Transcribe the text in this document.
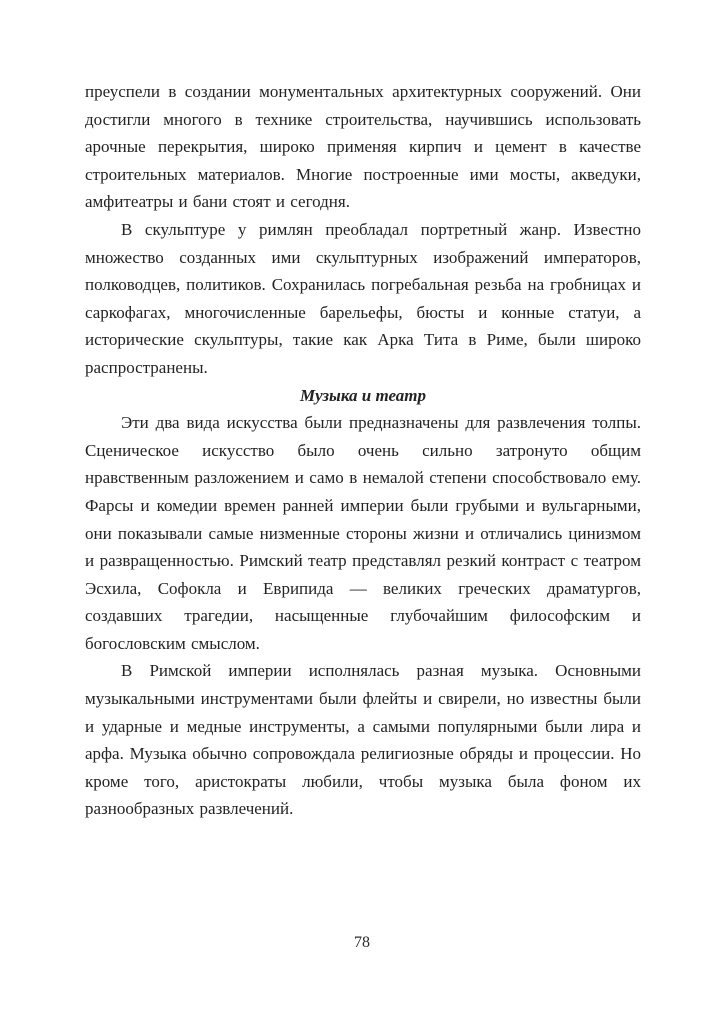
преуспели в создании монументальных архитектурных сооружений. Они достигли многого в технике строительства, научившись использовать арочные перекрытия, широко применяя кирпич и цемент в качестве строительных материалов. Многие построенные ими мосты, акведуки, амфитеатры и бани стоят и сегодня.

В скульптуре у римлян преобладал портретный жанр. Известно множество созданных ими скульптурных изображений императоров, полководцев, политиков. Сохранилась погребальная резьба на гробницах и саркофагах, многочисленные барельефы, бюсты и конные статуи, а исторические скульптуры, такие как Арка Тита в Риме, были широко распространены.

Музыка и театр

Эти два вида искусства были предназначены для развлечения толпы. Сценическое искусство было очень сильно затронуто общим нравственным разложением и само в немалой степени способствовало ему. Фарсы и комедии времен ранней империи были грубыми и вульгарными, они показывали самые низменные стороны жизни и отличались цинизмом и развращенностью. Римский театр представлял резкий контраст с театром Эсхила, Софокла и Еврипида — великих греческих драматургов, создавших трагедии, насыщенные глубочайшим философским и богословским смыслом.

В Римской империи исполнялась разная музыка. Основными музыкальными инструментами были флейты и свирели, но известны были и ударные и медные инструменты, а самыми популярными были лира и арфа. Музыка обычно сопровождала религиозные обряды и процессии. Но кроме того, аристократы любили, чтобы музыка была фоном их разнообразных развлечений.

78
